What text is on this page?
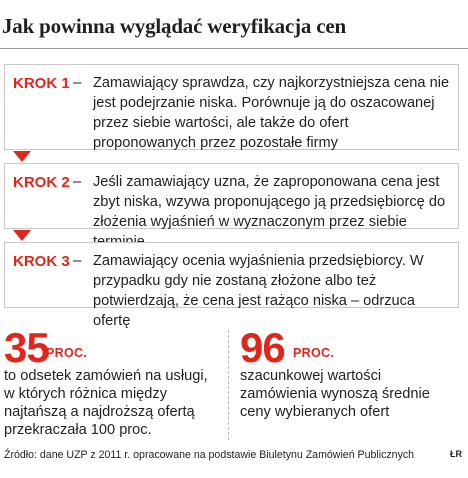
Jak powinna wyglądać weryfikacja cen
KROK 1 – Zamawiający sprawdza, czy najkorzystniejsza cena nie jest podejrzanie niska. Porównuje ją do oszacowanej przez siebie wartości, ale także do ofert proponowanych przez pozostałe firmy
KROK 2 – Jeśli zamawiający uzna, że zaproponowana cena jest zbyt niska, wzywa proponującego ją przedsiębiorcę do złożenia wyjaśnień w wyznaczonym przez siebie
KROK 3 – Zamawiający ocenia wyjaśnienia przedsiębiorcy. W przypadku gdy nie zostaną złożone albo też potwierdzają, że cena jest rażąco niska – odrzuca ofertę
35
PROC.
to odsetek zamówień na usługi, w których różnica między najtańszą a najdroższą ofertą przekraczała 100 proc.
96 PROC.
szacunkowej wartości zamówienia wynoszą średnie ceny wybieranych ofert
Źródło: dane UZP z 2011 r. opracowane na podstawie Biuletynu Zamówień Publicznych	ŁR
